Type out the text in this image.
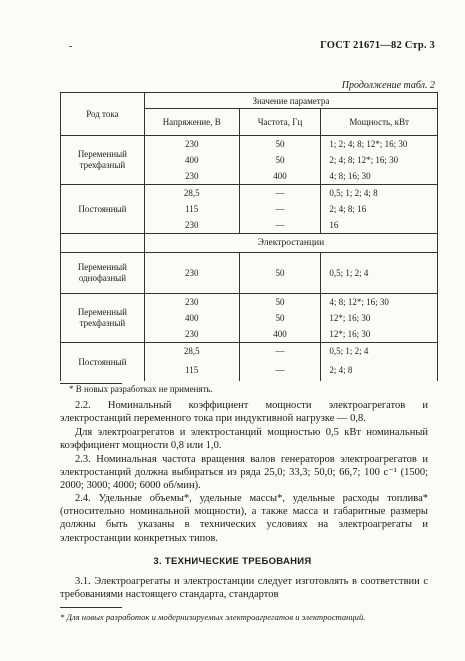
-	ГОСТ 21671—82 Стр. 3
Продолжение табл. 2
Род тока	Значение параметра		
	Напряжение, В	Частота, Гц	Мощность, кВт
Переменный
трехфазный	230	50	1; 2; 4; 8; 12*; 16; 30
	400	50	2; 4; 8; 12*; 16; 30
	230	400	4; 8; 16; 30
Постоянный	28,5	—	0,5; 1; 2; 4; 8
	115	—	2; 4; 8; 16
	230	—	16
	Электростанции		
Переменный
однофазный	230	50	0,5; 1; 2; 4
Переменный
трехфазный	230	50	4; 8; 12*; 16; 30
	400	50	12*; 16; 30
	230	400	12*; 16; 30
Постоянный	28,5	—	0,5; 1; 2; 4
	115	—	2; 4; 8
* В новых разработках не применять.
2.2. Номинальный коэффициент мощности электроагрегатов и электростанций переменного тока при индуктивной нагрузке — 0,8.
Для электроагрегатов и электростанций мощностью 0,5 кВт номинальный коэффициент мощности 0,8 или 1,0.
2.3. Номинальная частота вращения валов генераторов электроагрегатов и электростанций должна выбираться из ряда 25,0; 33,3; 50,0; 66,7; 100 с⁻¹ (1500; 2000; 3000; 4000; 6000 об/мин).
2.4. Удельные объемы*, удельные массы*, удельные расходы топлива* (относительно номинальной мощности), а также масса и габаритные размеры должны быть указаны в технических условиях на электроагрегаты и электростанции конкретных типов.
3. ТЕХНИЧЕСКИЕ ТРЕБОВАНИЯ
3.1. Электроагрегаты и электростанции следует изготовлять в соответствии с требованиями настоящего стандарта, стандартов
* Для новых разработок и модернизируемых электроагрегатов и электростанций.
